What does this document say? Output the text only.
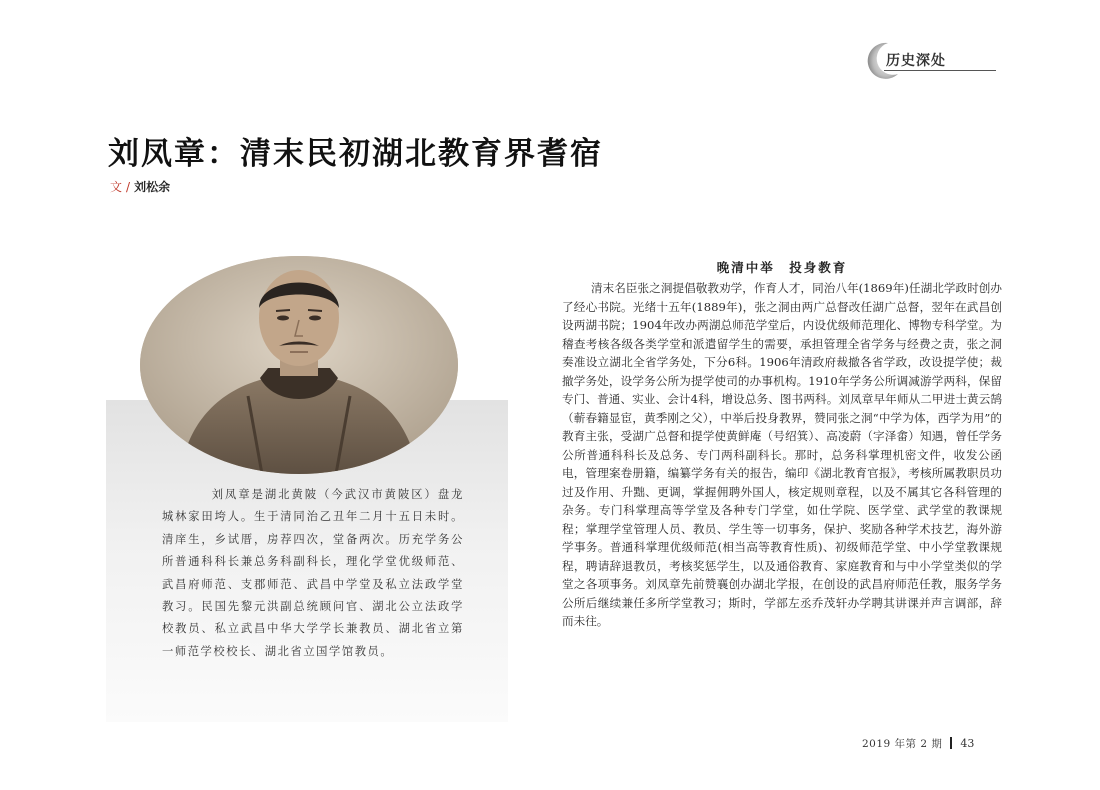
历史深处
刘凤章：清末民初湖北教育界耆宿
文 / 刘松余

刘凤章是湖北黄陂（今武汉市黄陂区）盘龙城林家田垮人。生于清同治乙丑年二月十五日未时。清庠生，乡试厝，房荐四次，堂备两次。历充学务公所普通科科长兼总务科副科长，理化学堂优级师范、武昌府师范、支郡师范、武昌中学堂及私立法政学堂教习。民国先黎元洪副总统顾问官、湖北公立法政学校教员、私立武昌中华大学学长兼教员、湖北省立第一师范学校校长、湖北省立国学馆教员。

晚清中举　投身教育

清末名臣张之洞提倡敬教劝学，作育人才，同治八年(1869年)任湖北学政时创办了经心书院。光绪十五年(1889年)，张之洞由两广总督改任湖广总督，翌年在武昌创设两湖书院；1904年改办两湖总师范学堂后，内设优级师范理化、博物专科学堂。为稽查考核各级各类学堂和派遣留学生的需要，承担管理全省学务与经费之责，张之洞奏准设立湖北全省学务处，下分6科。1906年清政府裁撤各省学政，改设提学使；裁撤学务处，设学务公所为提学使司的办事机构。1910年学务公所调减游学两科，保留专门、普通、实业、会计4科，增设总务、图书两科。刘凤章早年师从二甲进士黄云鹄（蕲春籍显宦，黄季刚之父），中举后投身教界，赞同张之洞“中学为体，西学为用”的教育主张，受湖广总督和提学使黄鲜庵（号绍箕）、高凌蔚（字泽畬）知遇，曾任学务公所普通科科长及总务、专门两科副科长。那时，总务科掌理机密文件，收发公函电，管理案卷册籍，编纂学务有关的报告，编印《湖北教育官报》，考核所属教职员功过及作用、升黜、更调，掌握佣聘外国人，核定规则章程，以及不属其它各科管理的杂务。专门科掌理高等学堂及各种专门学堂，如仕学院、医学堂、武学堂的教课规程；掌理学堂管理人员、教员、学生等一切事务，保护、奖励各种学术技艺，海外游学事务。普通科掌理优级师范(相当高等教育性质)、初级师范学堂、中小学堂教课规程，聘请辞退教员，考核奖惩学生，以及通俗教育、家庭教育和与中小学堂类似的学堂之各项事务。刘凤章先前赞襄创办湖北学报，在创设的武昌府师范任教，服务学务公所后继续兼任多所学堂教习；斯时，学部左丞乔茂轩办学聘其讲课并声言调部，辞而未往。

2019 年第 2 期 43
